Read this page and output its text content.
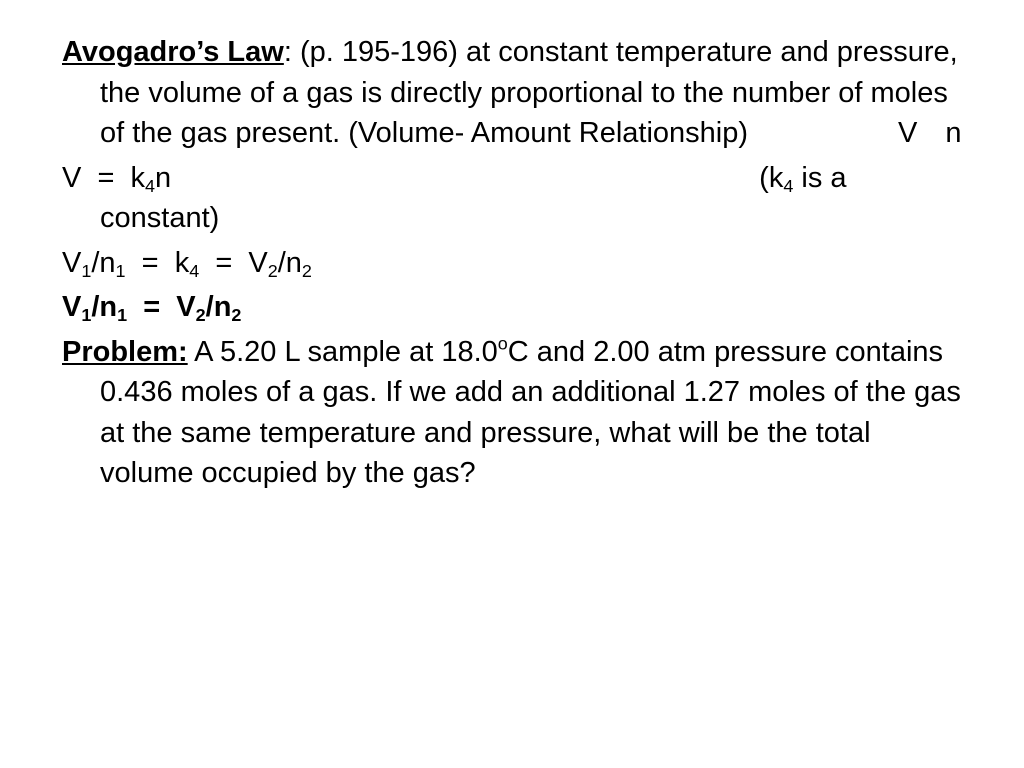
Avogadro’s Law: (p. 195-196) at constant temperature and pressure, the volume of a gas is directly proportional to the number of moles of the gas present. (Volume- Amount Relationship)	V n

$V = k_4n$	($k_4$ is a constant)

$V_1/n_1 = k_4 = V_2/n_2$

$V_1/n_1 = V_2/n_2$

Problem: A 5.20 L sample at 18.0$^o$C and 2.00 atm pressure contains 0.436 moles of a gas. If we add an additional 1.27 moles of the gas at the same temperature and pressure, what will be the total volume occupied by the gas?
